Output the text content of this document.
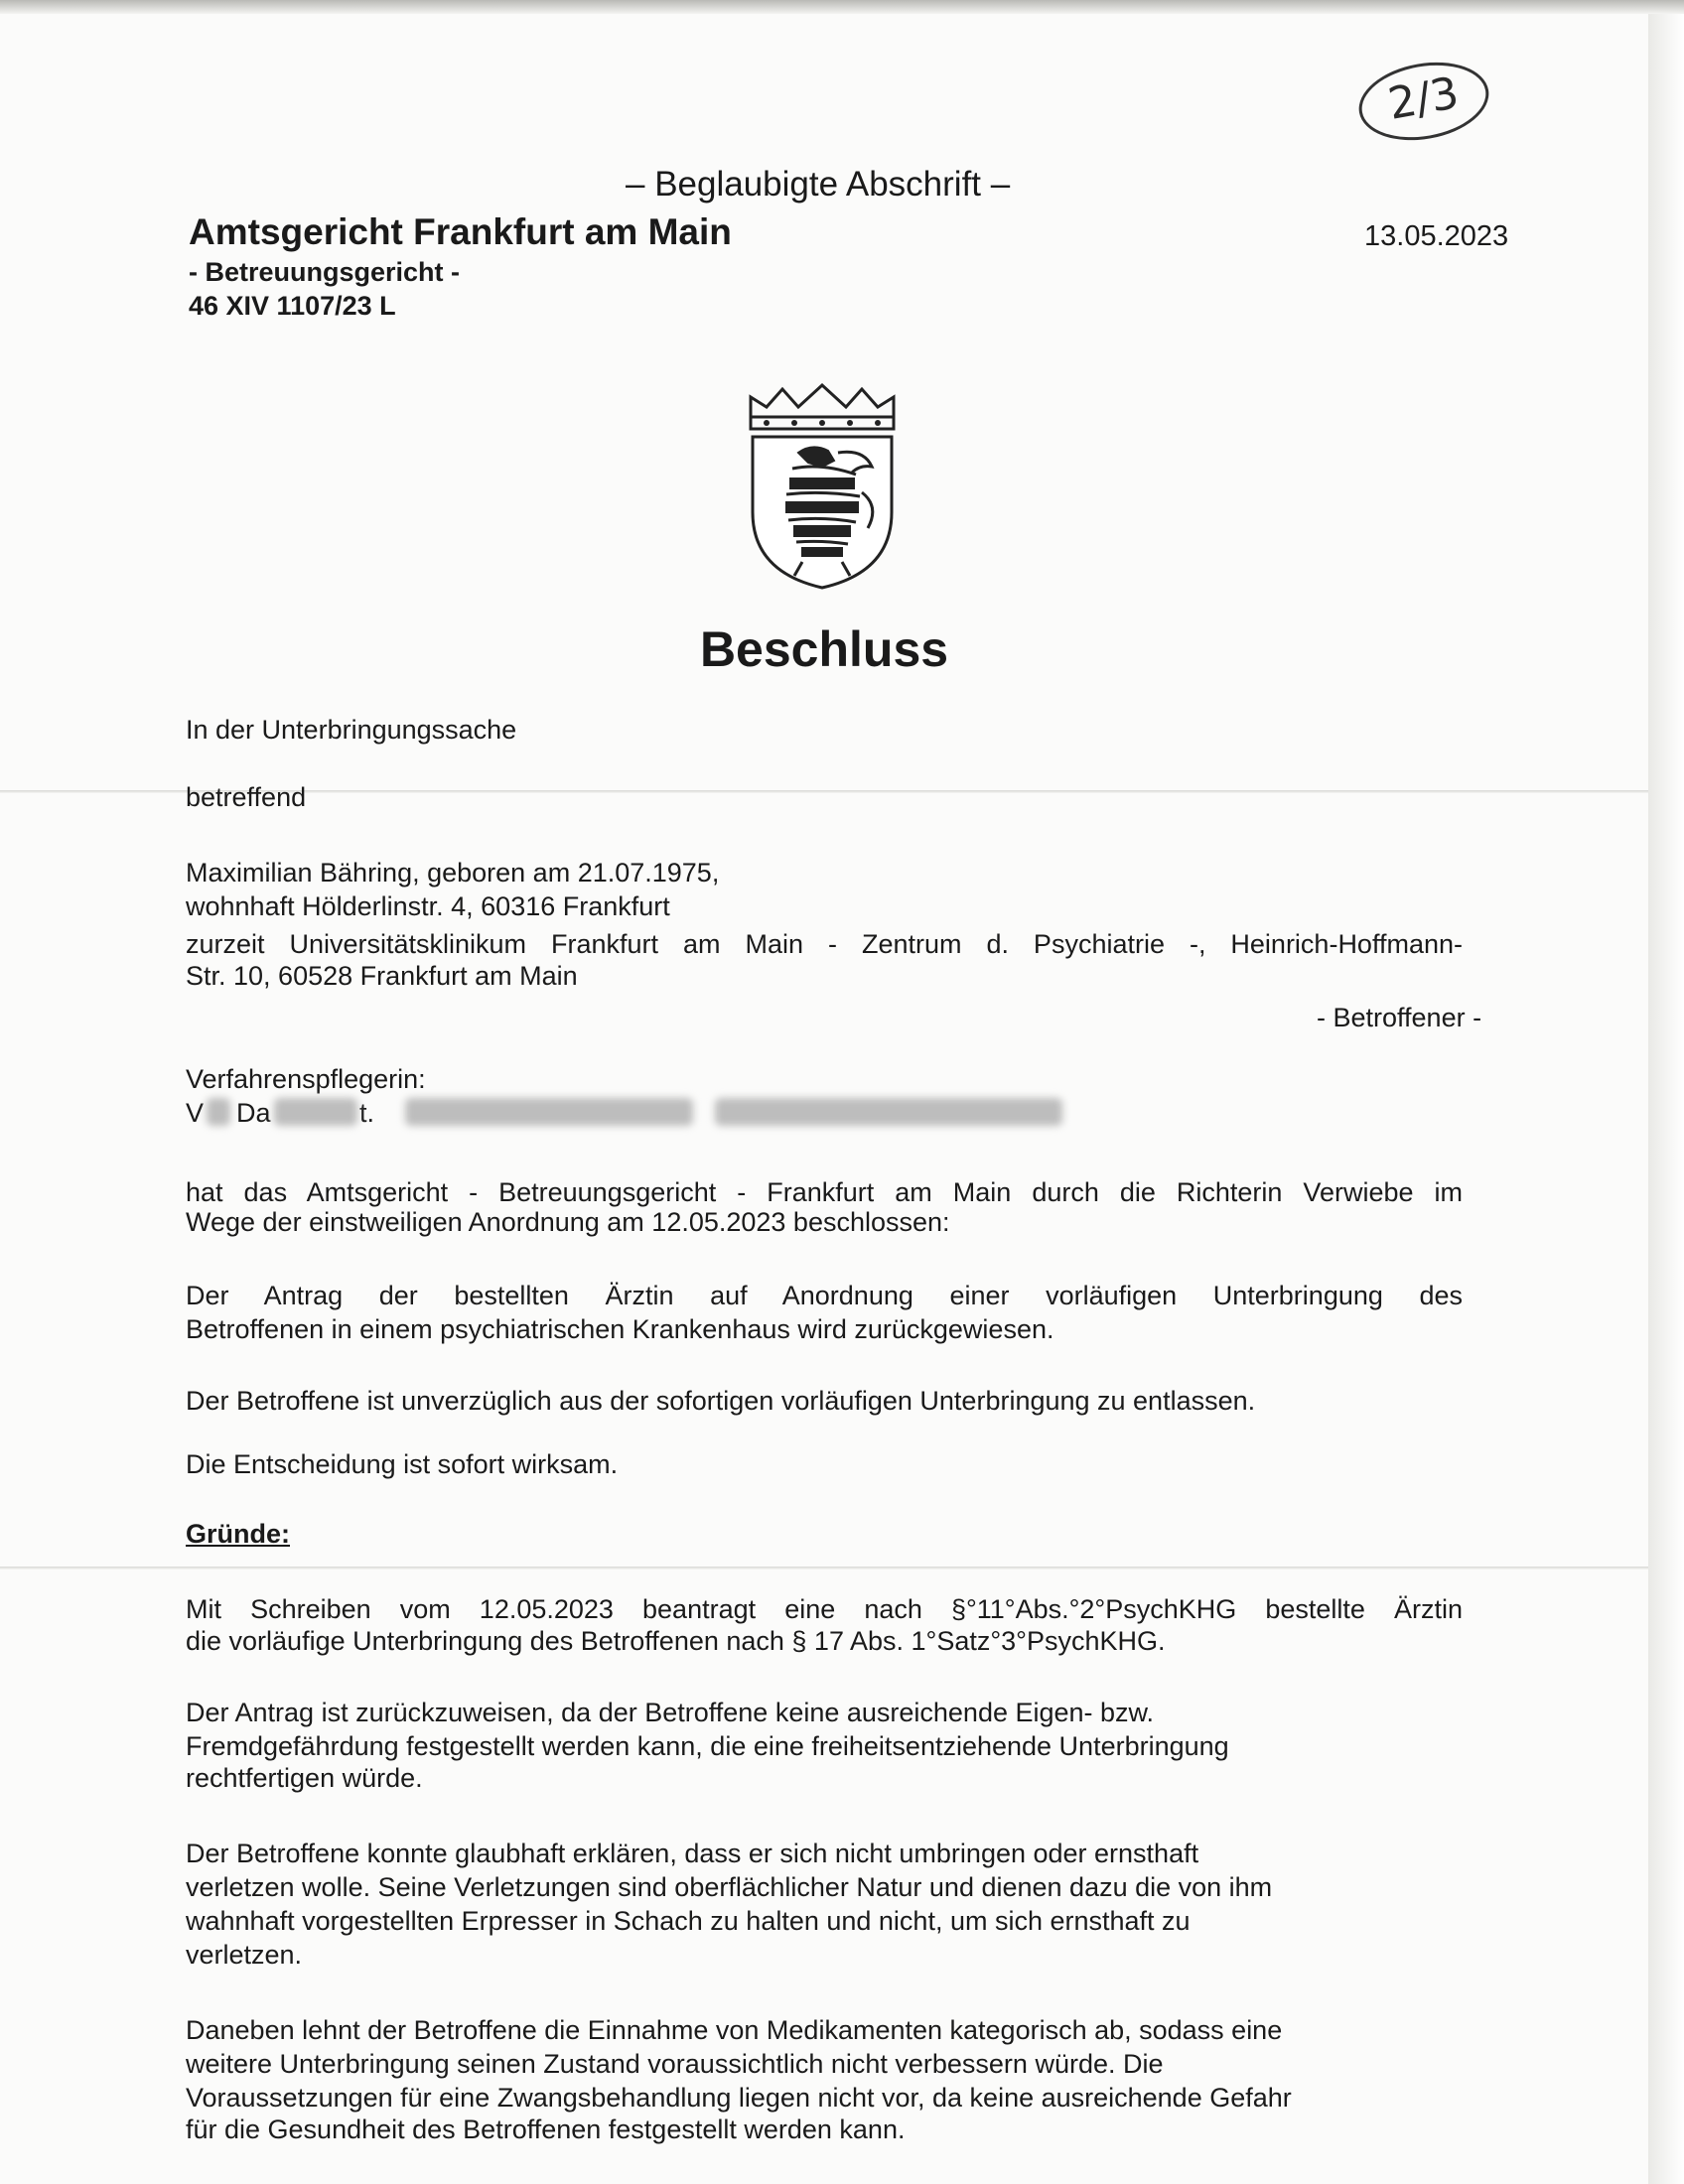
2/3
– Beglaubigte Abschrift –
Amtsgericht Frankfurt am Main
- Betreuungsgericht -
46 XIV 1107/23 L
13.05.2023
Beschluss
In der Unterbringungssache
betreffend
Maximilian Bähring, geboren am 21.07.1975,
wohnhaft Hölderlinstr. 4, 60316 Frankfurt
zurzeit Universitätsklinikum Frankfurt am Main - Zentrum d. Psychiatrie -, Heinrich-Hoffmann-
Str. 10, 60528 Frankfurt am Main
- Betroffener -
Verfahrenspflegerin:
V Da	t.
hat das Amtsgericht - Betreuungsgericht - Frankfurt am Main durch die Richterin Verwiebe im
Wege der einstweiligen Anordnung am 12.05.2023 beschlossen:
Der Antrag der bestellten Ärztin auf Anordnung einer vorläufigen Unterbringung des
Betroffenen in einem psychiatrischen Krankenhaus wird zurückgewiesen.
Der Betroffene ist unverzüglich aus der sofortigen vorläufigen Unterbringung zu entlassen.
Die Entscheidung ist sofort wirksam.
Gründe:
Mit Schreiben vom 12.05.2023 beantragt eine nach §°11°Abs.°2°PsychKHG bestellte Ärztin
die vorläufige Unterbringung des Betroffenen nach § 17 Abs. 1°Satz°3°PsychKHG.
Der Antrag ist zurückzuweisen, da der Betroffene keine ausreichende Eigen- bzw.
Fremdgefährdung festgestellt werden kann, die eine freiheitsentziehende Unterbringung
rechtfertigen würde.
Der Betroffene konnte glaubhaft erklären, dass er sich nicht umbringen oder ernsthaft
verletzen wolle. Seine Verletzungen sind oberflächlicher Natur und dienen dazu die von ihm
wahnhaft vorgestellten Erpresser in Schach zu halten und nicht, um sich ernsthaft zu
verletzen.
Daneben lehnt der Betroffene die Einnahme von Medikamenten kategorisch ab, sodass eine
weitere Unterbringung seinen Zustand voraussichtlich nicht verbessern würde. Die
Voraussetzungen für eine Zwangsbehandlung liegen nicht vor, da keine ausreichende Gefahr
für die Gesundheit des Betroffenen festgestellt werden kann.
